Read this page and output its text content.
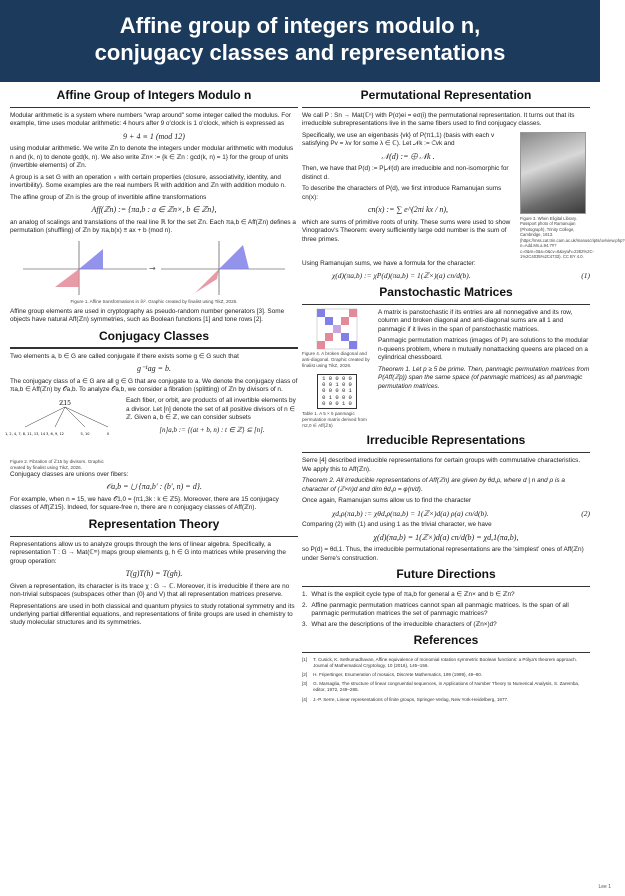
Affine group of integers modulo n,
conjugacy classes and representations
Affine Group of Integers Modulo n

Modular arithmetic is a system where numbers "wrap around" some integer called the modulus. For example, time uses modular arithmetic: 4 hours after 9 o'clock is 1 o'clock, which is expressed as

9 + 4 ≡ 1 (mod 12)

using modular arithmetic. We write ℤn to denote the integers under modular arithmetic with modulus n and (k, n) to denote gcd(k, n). We also write ℤn× := {k ∈ ℤn : gcd(k, n) = 1} for the group of units (invertible elements) of ℤn.

A group is a set G with an operation ∘ with certain properties (closure, associativity, identity, and invertibility). Some examples are the real numbers ℝ with addition and ℤn with addition modulo n.

The affine group of ℤn is the group of invertible affine transformations

Aff(ℤn) := {πa,b : a ∈ ℤn×, b ∈ ℤn},

an analog of scalings and translations of the real line ℝ for the set ℤn. Each πa,b ∈ Aff(ℤn) defines a permutation (shuffling) of ℤn by πa,b(x) ≡ ax + b (mod n).

→
Figure 1. Affine transformations in ℝ². Graphic created by finalist using TikZ, 2026.

Affine group elements are used in cryptography as pseudo-random number generators [3]. Some objects have natural Aff(ℤn) symmetries, such as Boolean functions [1] and tone rows [2].

Conjugacy Classes

Two elements a, b ∈ G are called conjugate if there exists some g ∈ G such that

g⁻¹ag = b.

The conjugacy class of a ∈ G are all g ∈ G that are conjugate to a. We denote the conjugacy class of πa,b ∈ Aff(ℤn) by 𝒪a,b. To analyze 𝒪a,b, we consider a fibration (splitting) of ℤn by divisors of n.

ℤ15
1, 2, 4, 7, 8, 11, 13, 14 3, 6, 9, 12	5, 10	0
Figure 2. Fibration of ℤ15 by divisors. Graphic created by finalist using TikZ, 2026.

Each fiber, or orbit, are products of all invertible elements by a divisor. Let [n] denote the set of all positive divisors of n ∈ ℤ. Given a, b ∈ ℤ, we can consider subsets

[n]a,b := {(at + b, n) : t ∈ ℤ} ⊆ [n].

Conjugacy classes are unions over fibers:

𝒪a,b = ⋃ {πa,b′ : (b′, n) = d}.

For example, when n = 15, we have 𝒪1,0 = {π1,3k : k ∈ ℤ5}. Moreover, there are 15 conjugacy classes of Aff(ℤ15). Indeed, for square-free n, there are n conjugacy classes of Aff(ℤn).

Representation Theory

Representations allow us to analyze groups through the lens of linear algebra. Specifically, a representation T : G → Mat(ℂᵐ) maps group elements g, h ∈ G into matrices while preserving the group operation:

T(g)T(h) = T(gh).

Given a representation, its character is its trace χ : G → ℂ. Moreover, it is irreducible if there are no non-trivial subspaces (subspaces other than {0} and V) that all representation matrices preserve.

Representations are used in both classical and quantum physics to study rotational symmetry and its underlying partial differential equations, and representations of finite groups are used in chemistry to study molecular structures and its symmetries.

Permutational Representation

We call P : Sn → Mat(ℂⁿ) with P(σ)ei = eσ(i) the permutational representation. It turns out that its irreducible subrepresentations live in the same fibers used to find conjugacy classes.

Specifically, we use an eigenbasis {vk} of P(π1,1) (basis with each v satisfying Pv = λv for some λ ∈ ℂ). Let 𝒩k := ℂvk and

𝒩(d) := ⨁ 𝒩k .

Then, we have that P(d) := P|𝒩(d) are irreducible and non-isomorphic for distinct d.

To describe the characters of P(d), we first introduce Ramanujan sums cn(x):

cn(x) := ∑ e^(2πi kx / n),

which are sums of primitive roots of unity. These sums were used to show Vinogradov's Theorem: every sufficiently large odd number is the sum of three primes.

Figure 3. When Eligital Library. Passport photo of Ramanujan (Photograph), Trinity College, Cambridge, 1913. (https://mss.cat.trin.cam.ac.uk/manuscripts/uv/view.php?n=Add.Ms.a.94.7#?c=0&m=0&s=0&cv=6&xywh=2282%2C-1%2C4035%2C4733). CC BY 4.0.

Using Ramanujan sums, we have a formula for the character:

χ(d)(πa,b) := χP(d)(πa,b) = 1(ℤ×)(a) cn/d(b).	(1)
Panstochastic Matrices
Figure 4. A broken diagonal and anti-diagonal. Graphic created by finalist using TikZ, 2026.
1 0 0 0 0
0 0 1 0 0
0 0 0 0 1
0 1 0 0 0
0 0 0 1 0
Table 1. A 5 × 5 panmagic permutation matrix derived from π2,0 ∈ Aff(ℤ5)

A matrix is panstochastic if its entries are all nonnegative and its row, column and broken diagonal and anti-diagonal sums are all 1 and panmagic if it lives in the span of panstochastic matrices.

Panmagic permutation matrices (images of P) are solutions to the modular n-queens problem, where n mutually nonattacking queens are placed on a cylindrical chessboard.

Theorem 1. Let p ≥ 5 be prime. Then, panmagic permutation matrices from P(Aff(ℤp)) span the same space (of panmagic matrices) as all panmagic permutation matrices.

Irreducible Representations

Serre [4] described irreducible representations for certain groups with commutative characteristics. We apply this to Aff(ℤn).

Theorem 2. All irreducible representations of Aff(ℤn) are given by θd,ρ, where d | n and ρ is a character of (ℤ×n)d and dim θd,ρ = φ(n/d).

Once again, Ramanujan sums allow us to find the character

χd,ρ(πa,b) := χθd,ρ(πa,b) = 1(ℤ×)d(a) ρ(a) cn/d(b).	(2)

Comparing (2) with (1) and using 1 as the trivial character, we have

χ(d)(πa,b) = 1(ℤ×)d(a) cn/d(b) = χd,1(πa,b),

so P(d) = θd,1. Thus, the irreducible permutational representations are the 'simplest' ones of Aff(ℤn) under Serre's construction.

Future Directions
1. What is the explicit cycle type of πa,b for general a ∈ ℤn× and b ∈ ℤn?
2. Affine panmagic permutation matrices cannot span all panmagic matrices. Is the span of all panmagic permutation matrices the set of panmagic matrices?
3. What are the descriptions of the irreducible characters of (ℤn×)d?
References
[1] T. Cusick, K. Sethumadhavan, Affine equivalence of monomial rotation symmetric Boolean functions: a Pólya's theorem approach. Journal of Mathematical Cryptology, 10 (2016), 145–156.
[2] H. Fripertinger, Enumeration of mosaics, Discrete Mathematics, 199 (1999), 49–60.
[3] G. Marsaglia, The structure of linear congruential sequences, in Applications of Number Theory to Numerical Analysis, S. Zaremba, editor, 1972, 249–285.
[4] J.-P. Serre, Linear representations of finite groups, Springer-Verlag, New York-Heidelberg, 1977.
Lee 1
